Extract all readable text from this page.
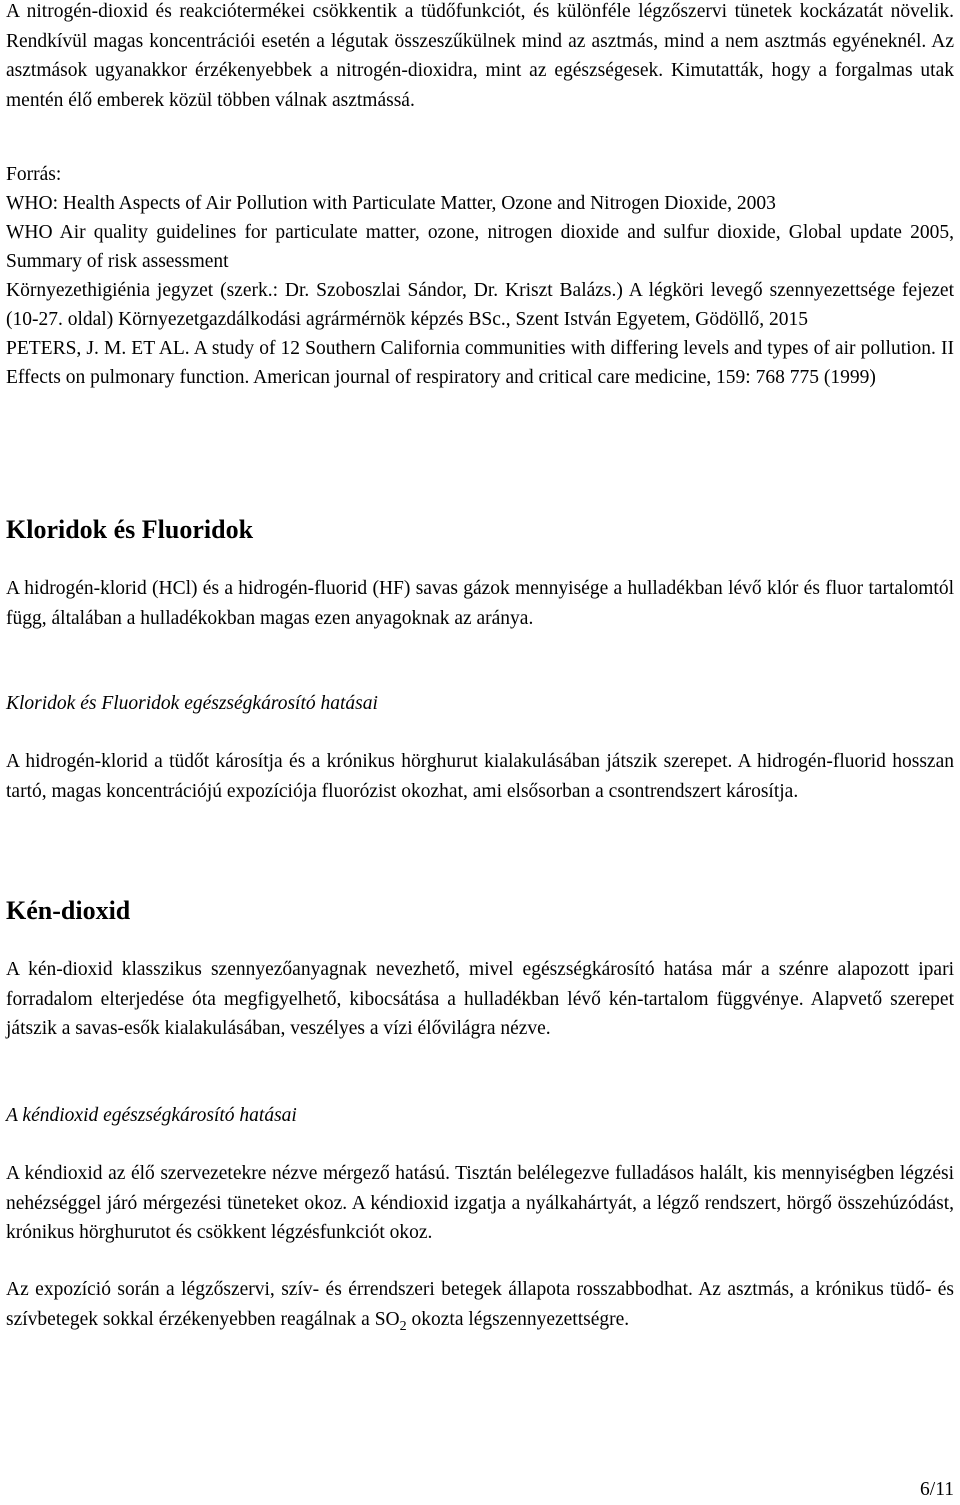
A nitrogén-dioxid és reakciótermékei csökkentik a tüdőfunkciót, és különféle légzőszervi tünetek kockázatát növelik. Rendkívül magas koncentrációi esetén a légutak összeszűkülnek mind az asztmás, mind a nem asztmás egyéneknél. Az asztmások ugyanakkor érzékenyebbek a nitrogén-dioxidra, mint az egészségesek. Kimutatták, hogy a forgalmas utak mentén élő emberek közül többen válnak asztmássá.

Forrás:
WHO: Health Aspects of Air Pollution with Particulate Matter, Ozone and Nitrogen Dioxide, 2003
WHO Air quality guidelines for particulate matter, ozone, nitrogen dioxide and sulfur dioxide, Global update 2005, Summary of risk assessment
Környezethigiénia jegyzet (szerk.: Dr. Szoboszlai Sándor, Dr. Kriszt Balázs.) A légköri levegő szennyezettsége fejezet (10-27. oldal) Környezetgazdálkodási agrármérnök képzés BSc., Szent István Egyetem, Gödöllő, 2015
PETERS, J. M. ET AL. A study of 12 Southern California communities with differing levels and types of air pollution. II Effects on pulmonary function. American journal of respiratory and critical care medicine, 159: 768 775 (1999)
Kloridok és Fluoridok

A hidrogén-klorid (HCl) és a hidrogén-fluorid (HF) savas gázok mennyisége a hulladékban lévő klór és fluor tartalomtól függ, általában a hulladékokban magas ezen anyagoknak az aránya.

Kloridok és Fluoridok egészségkárosító hatásai

A hidrogén-klorid a tüdőt károsítja és a krónikus hörghurut kialakulásában játszik szerepet. A hidrogén-fluorid hosszan tartó, magas koncentrációjú expozíciója fluorózist okozhat, ami elsősorban a csontrendszert károsítja.

Kén-dioxid

A kén-dioxid klasszikus szennyezőanyagnak nevezhető, mivel egészségkárosító hatása már a szénre alapozott ipari forradalom elterjedése óta megfigyelhető, kibocsátása a hulladékban lévő kén-tartalom függvénye. Alapvető szerepet játszik a savas-esők kialakulásában, veszélyes a vízi élővilágra nézve.

A kéndioxid egészségkárosító hatásai

A kéndioxid az élő szervezetekre nézve mérgező hatású. Tisztán belélegezve fulladásos halált, kis mennyiségben légzési nehézséggel járó mérgezési tüneteket okoz. A kéndioxid izgatja a nyálkahártyát, a légző rendszert, hörgő összehúzódást, krónikus hörghurutot és csökkent légzésfunkciót okoz.

Az expozíció során a légzőszervi, szív- és érrendszeri betegek állapota rosszabbodhat. Az asztmás, a krónikus tüdő- és szívbetegek sokkal érzékenyebben reagálnak a $SO_2$ okozta légszennyezettségre.

6/11
